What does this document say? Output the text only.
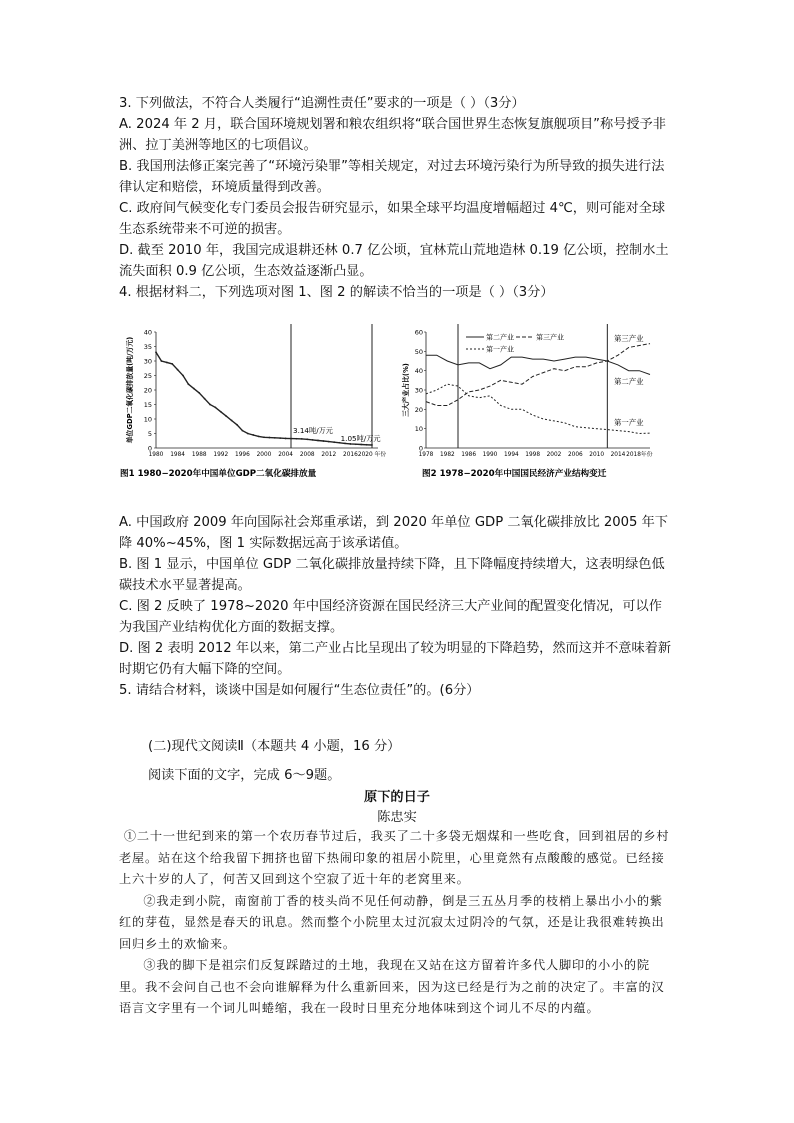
3. 下列做法，不符合人类履行“追溯性责任”要求的一项是（ ）（3分）

A. 2024 年 2 月，联合国环境规划署和粮农组织将“联合国世界生态恢复旗舰项目”称号授予非洲、拉丁美洲等地区的七项倡议。

B. 我国刑法修正案完善了“环境污染罪”等相关规定，对过去环境污染行为所导致的损失进行法律认定和赔偿，环境质量得到改善。

C. 政府间气候变化专门委员会报告研究显示，如果全球平均温度增幅超过 4℃，则可能对全球生态系统带来不可逆的损害。

D. 截至 2010 年，我国完成退耕还林 0.7 亿公顷，宜林荒山荒地造林 0.19 亿公顷，控制水土流失面积 0.9 亿公顷，生态效益逐渐凸显。

4. 根据材料二，下列选项对图 1、图 2 的解读不恰当的一项是（ ）（3分）

0
5
10
15
20
25
30
35
40
1980 1984 1988 1992 1996 2000 2004 2008 2012 2016 2020 年份
单位GDP二氧化碳排放量(吨/万元)	3.14吨/万元
1.05吨/万元
图1 1980−2020年中国单位GDP二氧化碳排放量
0
10
20
30
40
50
60
1978 1982 1986 1990 1994 1998 2002 2006 2010 2014 2018年份
三大产业占比(%)
第二产业	第三产业
第一产业
第三产业
第二产业
第一产业
图2 1978−2020年中国国民经济产业结构变迁

A. 中国政府 2009 年向国际社会郑重承诺，到 2020 年单位 GDP 二氧化碳排放比 2005 年下降 40%~45%，图 1 实际数据远高于该承诺值。

B. 图 1 显示，中国单位 GDP 二氧化碳排放量持续下降，且下降幅度持续增大，这表明绿色低碳技术水平显著提高。

C. 图 2 反映了 1978~2020 年中国经济资源在国民经济三大产业间的配置变化情况，可以作为我国产业结构优化方面的数据支撑。

D. 图 2 表明 2012 年以来，第二产业占比呈现出了较为明显的下降趋势，然而这并不意味着新时期它仍有大幅下降的空间。

5. 请结合材料，谈谈中国是如何履行“生态位责任”的。(6分）

(二)现代文阅读Ⅱ（本题共 4 小题，16 分）
阅读下面的文字，完成 6～9题。
原下的日子
陈忠实

①二十一世纪到来的第一个农历春节过后，我买了二十多袋无烟煤和一些吃食，回到祖居的乡村老屋。站在这个给我留下拥挤也留下热闹印象的祖居小院里，心里竟然有点酸酸的感觉。已经接上六十岁的人了，何苦又回到这个空寂了近十年的老窝里来。

②我走到小院，南窗前丁香的枝头尚不见任何动静，倒是三五丛月季的枝梢上暴出小小的紫红的芽苞，显然是春天的讯息。然而整个小院里太过沉寂太过阴冷的气氛，还是让我很难转换出回归乡土的欢愉来。

③我的脚下是祖宗们反复踩踏过的土地，我现在又站在这方留着许多代人脚印的小小的院里。我不会问自己也不会向谁解释为什么重新回来，因为这已经是行为之前的决定了。丰富的汉语言文字里有一个词儿叫蜷缩，我在一段时日里充分地体味到这个词儿不尽的内蕴。
